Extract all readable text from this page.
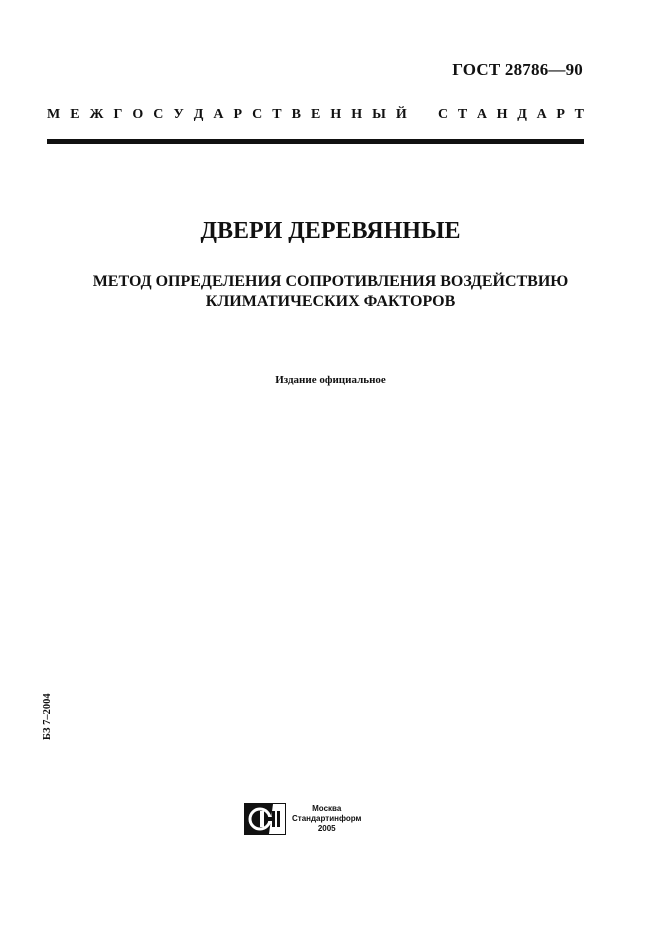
ГОСТ 28786—90
М Е Ж Г О С У Д А Р С Т В Е Н Н Ы Й С Т А Н Д А Р Т
ДВЕРИ ДЕРЕВЯННЫЕ
МЕТОД ОПРЕДЕЛЕНИЯ СОПРОТИВЛЕНИЯ ВОЗДЕЙСТВИЮ
КЛИМАТИЧЕСКИХ ФАКТОРОВ
Издание официальное
БЗ 7–2004
Москва
Стандартинформ
2005
